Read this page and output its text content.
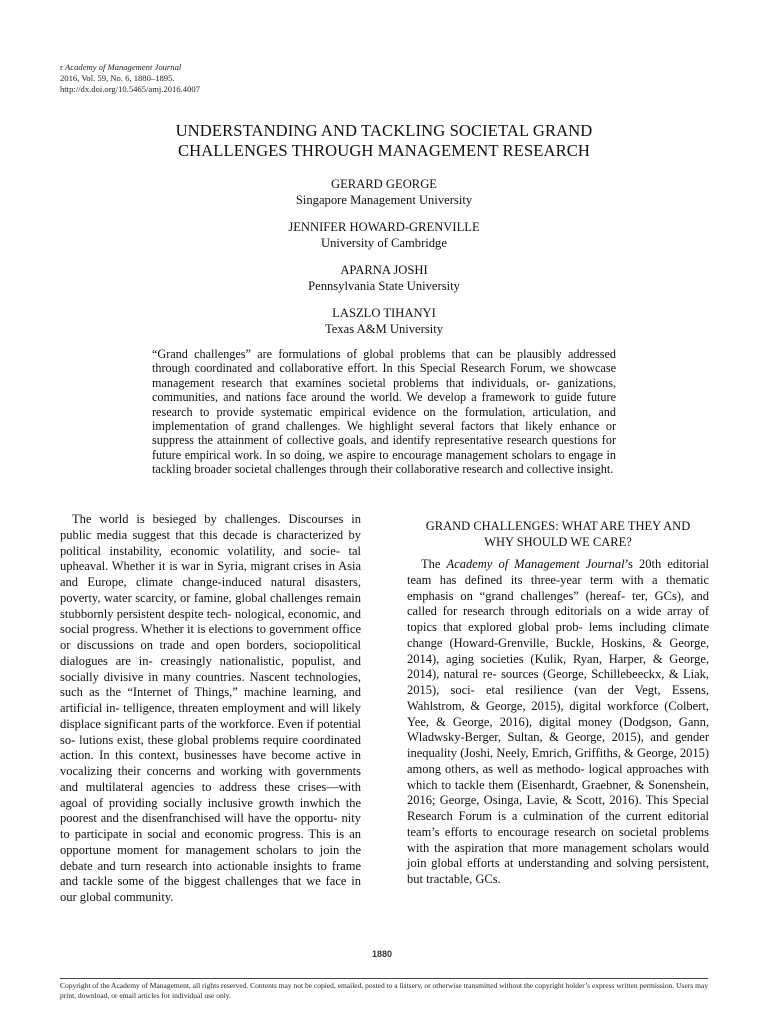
r Academy of Management Journal
2016, Vol. 59, No. 6, 1880–1895.
http://dx.doi.org/10.5465/amj.2016.4007
UNDERSTANDING AND TACKLING SOCIETAL GRAND
CHALLENGES THROUGH MANAGEMENT RESEARCH
GERARD GEORGE
Singapore Management University
JENNIFER HOWARD-GRENVILLE
University of Cambridge
APARNA JOSHI
Pennsylvania State University
LASZLO TIHANYI
Texas A&M University
“Grand challenges” are formulations of global problems that can be plausibly addressed through coordinated and collaborative effort. In this Special Research Forum, we showcase management research that examines societal problems that individuals, or- ganizations, communities, and nations face around the world. We develop a framework to guide future research to provide systematic empirical evidence on the formulation, articulation, and implementation of grand challenges. We highlight several factors that likely enhance or suppress the attainment of collective goals, and identify representative research questions for future empirical work. In so doing, we aspire to encourage management scholars to engage in tackling broader societal challenges through their collaborative research and collective insight.
The world is besieged by challenges. Discourses in public media suggest that this decade is characterized by political instability, economic volatility, and socie- tal upheaval. Whether it is war in Syria, migrant crises in Asia and Europe, climate change-induced natural disasters, poverty, water scarcity, or famine, global challenges remain stubbornly persistent despite tech- nological, economic, and social progress. Whether it is elections to government office or discussions on trade and open borders, sociopolitical dialogues are in- creasingly nationalistic, populist, and socially divisive in many countries. Nascent technologies, such as the “Internet of Things,” machine learning, and artificial in- telligence, threaten employment and will likely displace significant parts of the workforce. Even if potential so- lutions exist, these global problems require coordinated action. In this context, businesses have become active in vocalizing their concerns and working with governments and multilateral agencies to address these crises—with agoal of providing socially inclusive growth inwhich the poorest and the disenfranchised will have the opportu- nity to participate in social and economic progress. This is an opportune moment for management scholars to join the debate and turn research into actionable insights to frame and tackle some of the biggest challenges that we face in our global community.
GRAND CHALLENGES: WHAT ARE THEY AND
WHY SHOULD WE CARE?
The Academy of Management Journal’s 20th editorial team has defined its three-year term with a thematic emphasis on “grand challenges” (hereaf- ter, GCs), and called for research through editorials on a wide array of topics that explored global prob- lems including climate change (Howard-Grenville, Buckle, Hoskins, & George, 2014), aging societies (Kulik, Ryan, Harper, & George, 2014), natural re- sources (George, Schillebeeckx, & Liak, 2015), soci- etal resilience (van der Vegt, Essens, Wahlstrom, & George, 2015), digital workforce (Colbert, Yee, & George, 2016), digital money (Dodgson, Gann, Wladwsky-Berger, Sultan, & George, 2015), and gender inequality (Joshi, Neely, Emrich, Griffiths, & George, 2015) among others, as well as methodo- logical approaches with which to tackle them (Eisenhardt, Graebner, & Sonenshein, 2016; George, Osinga, Lavie, & Scott, 2016). This Special Research Forum is a culmination of the current editorial team’s efforts to encourage research on societal problems with the aspiration that more management scholars would join global efforts at understanding and solving persistent, but tractable, GCs.
1880
Copyright of the Academy of Management, all rights reserved. Contents may not be copied, emailed, posted to a listserv, or otherwise transmitted without the copyright holder’s express written permission. Users may print, download, or email articles for individual use only.
